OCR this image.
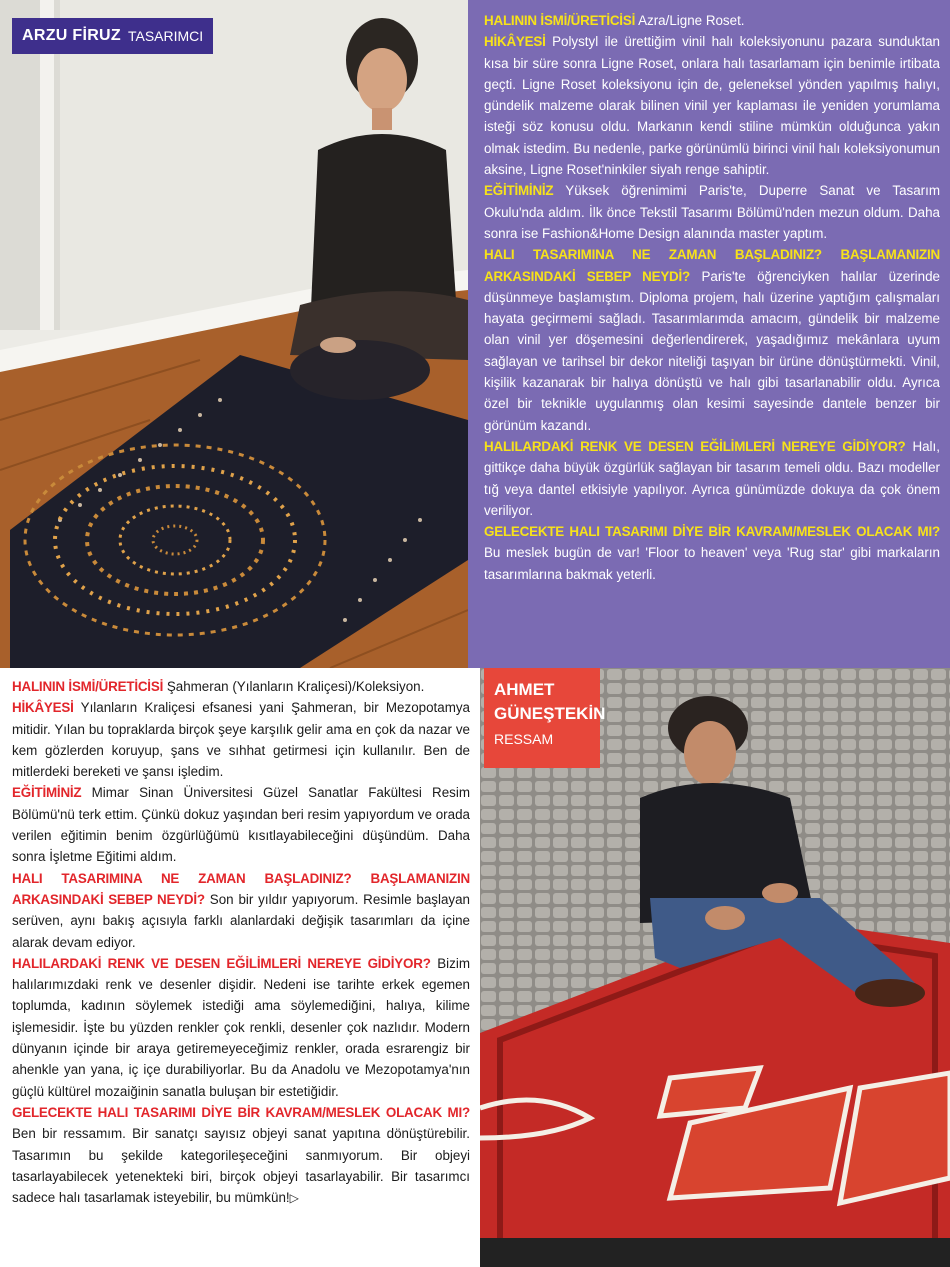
ARZU FİRUZ TASARIMCI

HALININ İSMİ/ÜRETİCİSİ Azra/Ligne Roset.
HİKÂYESİ Polystyl ile ürettiğim vinil halı koleksiyonunu pazara sunduktan kısa bir süre sonra Ligne Roset, onlara halı tasarlamam için benimle irtibata geçti. Ligne Roset koleksiyonu için de, geleneksel yönden yapılmış halıyı, gündelik malzeme olarak bilinen vinil yer kaplaması ile yeniden yorumlama isteği söz konusu oldu. Markanın kendi stiline mümkün olduğunca yakın olmak istedim. Bu nedenle, parke görünümlü birinci vinil halı koleksiyonumun aksine, Ligne Roset'ninkiler siyah renge sahiptir.
EĞİTİMİNİZ Yüksek öğrenimimi Paris'te, Duperre Sanat ve Tasarım Okulu'nda aldım. İlk önce Tekstil Tasarımı Bölümü'nden mezun oldum. Daha sonra ise Fashion&Home Design alanında master yaptım.
HALI TASARIMINA NE ZAMAN BAŞLADINIZ? BAŞLAMANIZIN ARKASINDAKİ SEBEP NEYDİ? Paris'te öğrenciyken halılar üzerinde düşünmeye başlamıştım. Diploma projem, halı üzerine yaptığım çalışmaları hayata geçirmemi sağladı. Tasarımlarımda amacım, gündelik bir malzeme olan vinil yer döşemesini değerlendirerek, yaşadığımız mekânlara uyum sağlayan ve tarihsel bir dekor niteliği taşıyan bir ürüne dönüştürmekti. Vinil, kişilik kazanarak bir halıya dönüştü ve halı gibi tasarlanabilir oldu. Ayrıca özel bir teknikle uygulanmış olan kesimi sayesinde dantele benzer bir görünüm kazandı.
HALILARDAKİ RENK VE DESEN EĞİLİMLERİ NEREYE GİDİYOR? Halı, gittikçe daha büyük özgürlük sağlayan bir tasarım temeli oldu. Bazı modeller tığ veya dantel etkisiyle yapılıyor. Ayrıca günümüzde dokuya da çok önem veriliyor.
GELECEKTE HALI TASARIMI DİYE BİR KAVRAM/MESLEK OLACAK MI? Bu meslek bugün de var! 'Floor to heaven' veya 'Rug star' gibi markaların tasarımlarına bakmak yeterli.

HALININ İSMİ/ÜRETİCİSİ Şahmeran (Yılanların Kraliçesi)/Koleksiyon.
HİKÂYESİ Yılanların Kraliçesi efsanesi yani Şahmeran, bir Mezopotamya mitidir. Yılan bu topraklarda birçok şeye karşılık gelir ama en çok da nazar ve kem gözlerden koruyup, şans ve sıhhat getirmesi için kullanılır. Ben de mitlerdeki bereketi ve şansı işledim.
EĞİTİMİNİZ Mimar Sinan Üniversitesi Güzel Sanatlar Fakültesi Resim Bölümü'nü terk ettim. Çünkü dokuz yaşından beri resim yapıyordum ve orada verilen eğitimin benim özgürlüğümü kısıtlayabileceğini düşündüm. Daha sonra İşletme Eğitimi aldım.
HALI TASARIMINA NE ZAMAN BAŞLADINIZ? BAŞLAMANIZIN ARKASINDAKİ SEBEP NEYDİ? Son bir yıldır yapıyorum. Resimle başlayan serüven, aynı bakış açısıyla farklı alanlardaki değişik tasarımları da içine alarak devam ediyor.
HALILARDAKİ RENK VE DESEN EĞİLİMLERİ NEREYE GİDİYOR? Bizim halılarımızdaki renk ve desenler dişidir. Nedeni ise tarihte erkek egemen toplumda, kadının söylemek istediği ama söylemediğini, halıya, kilime işlemesidir. İşte bu yüzden renkler çok renkli, desenler çok nazlıdır. Modern dünyanın içinde bir araya getiremeyeceğimiz renkler, orada esrarengiz bir ahenkle yan yana, iç içe durabiliyorlar. Bu da Anadolu ve Mezopotamya'nın güçlü kültürel mozaiğinin sanatla buluşan bir estetiğidir.
GELECEKTE HALI TASARIMI DİYE BİR KAVRAM/MESLEK OLACAK MI? Ben bir ressamım. Bir sanatçı sayısız objeyi sanat yapıtına dönüştürebilir. Tasarımın bu şekilde kategorileşeceğini sanmıyorum. Bir objeyi tasarlayabilecek yetenekteki biri, birçok objeyi tasarlayabilir. Bir tasarımcı sadece halı tasarlamak isteyebilir, bu mümkün!▷

AHMET
GÜNEŞTEKİN
RESSAM
